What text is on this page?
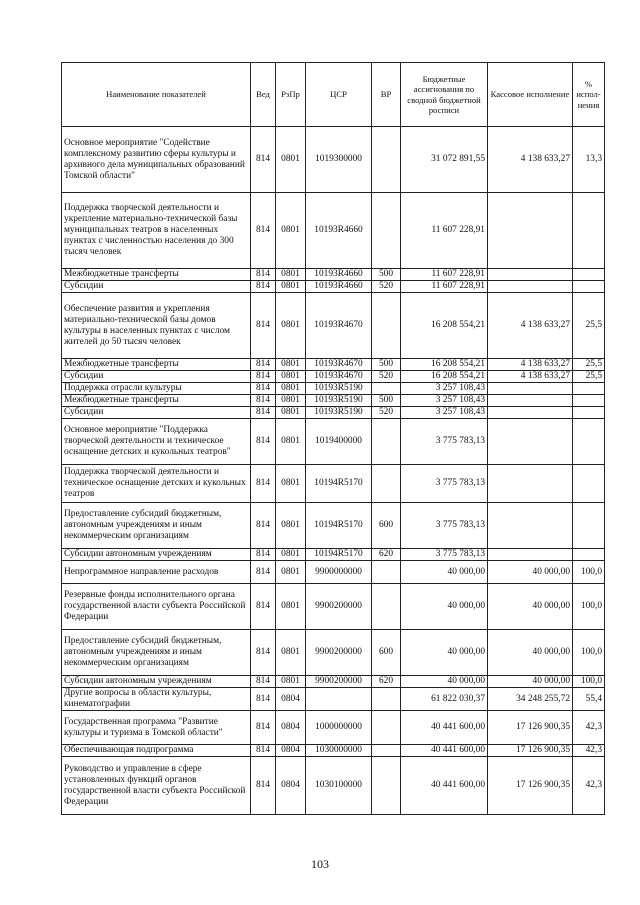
Наименование показателей	Вед	РзПр	ЦСР	ВР	Бюджетные ассигнования по сводной бюджетной росписи	Кассовое исполнение	% испол-нения
Основное мероприятие "Содействие комплексному развитию сферы культуры и архивного дела муниципальных образований Томской области"	814	0801	1019300000		31 072 891,55	4 138 633,27	13,3
Поддержка творческой деятельности и укрепление материально-технической базы муниципальных театров в населенных пунктах с численностью населения до 300 тысяч человек	814	0801	10193R4660		11 607 228,91		
Межбюджетные трансферты	814	0801	10193R4660	500	11 607 228,91		
Субсидии	814	0801	10193R4660	520	11 607 228,91		
Обеспечение развития и укрепления материально-технической базы домов культуры в населенных пунктах с числом жителей до 50 тысяч человек	814	0801	10193R4670		16 208 554,21	4 138 633,27	25,5
Межбюджетные трансферты	814	0801	10193R4670	500	16 208 554,21	4 138 633,27	25,5
Субсидии	814	0801	10193R4670	520	16 208 554,21	4 138 633,27	25,5
Поддержка отрасли культуры	814	0801	10193R5190		3 257 108,43		
Межбюджетные трансферты	814	0801	10193R5190	500	3 257 108,43		
Субсидии	814	0801	10193R5190	520	3 257 108,43		
Основное мероприятие "Поддержка творческой деятельности и техническое оснащение детских и кукольных театров"	814	0801	1019400000		3 775 783,13		
Поддержка творческой деятельности и техническое оснащение детских и кукольных театров	814	0801	10194R5170		3 775 783,13		
Предоставление субсидий бюджетным, автономным учреждениям и иным некоммерческим организациям	814	0801	10194R5170	600	3 775 783,13		
Субсидии автономным учреждениям	814	0801	10194R5170	620	3 775 783,13		
Непрограммное направление расходов	814	0801	9900000000		40 000,00	40 000,00	100,0
Резервные фонды исполнительного органа государственной власти субъекта Российской Федерации	814	0801	9900200000		40 000,00	40 000,00	100,0
Предоставление субсидий бюджетным, автономным учреждениям и иным некоммерческим организациям	814	0801	9900200000	600	40 000,00	40 000,00	100,0
Субсидии автономным учреждениям	814	0801	9900200000	620	40 000,00	40 000,00	100,0
Другие вопросы в области культуры, кинематографии	814	0804			61 822 030,37	34 248 255,72	55,4
Государственная программа "Развитие культуры и туризма в Томской области"	814	0804	1000000000		40 441 600,00	17 126 900,35	42,3
Обеспечивающая подпрограмма	814	0804	1030000000		40 441 600,00	17 126 900,35	42,3
Руководство и управление в сфере установленных функций органов государственной власти субъекта Российской Федерации	814	0804	1030100000		40 441 600,00	17 126 900,35	42,3
103
